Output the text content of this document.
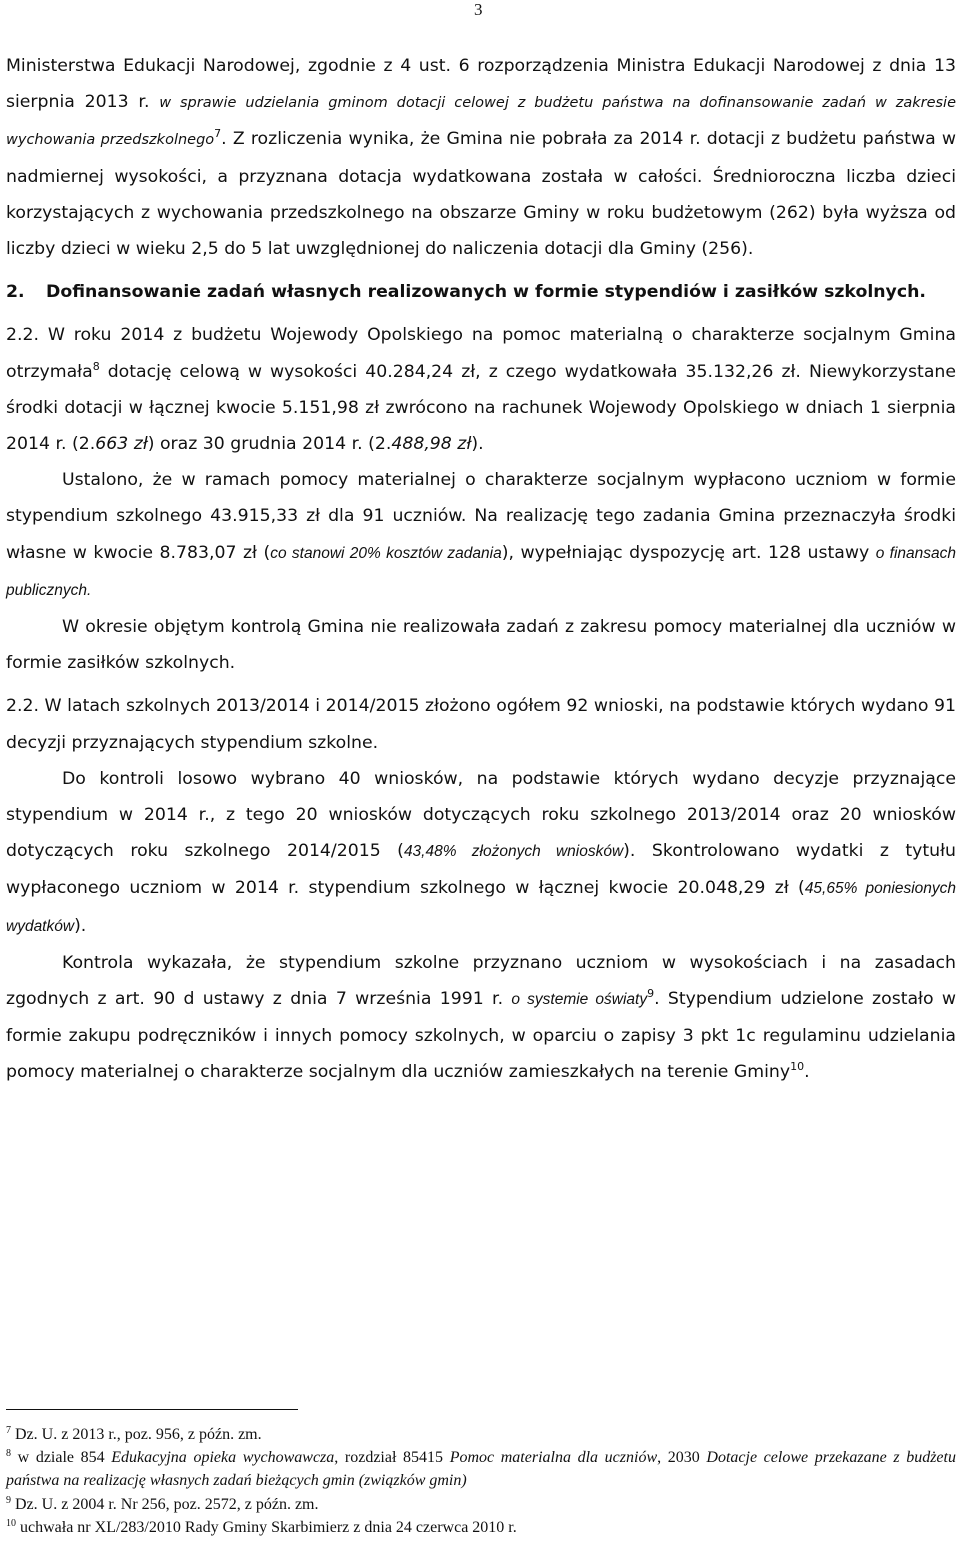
3

Ministerstwa Edukacji Narodowej, zgodnie z 4 ust. 6 rozporządzenia Ministra Edukacji Narodowej z dnia 13 sierpnia 2013 r. w sprawie udzielania gminom dotacji celowej z budżetu państwa na dofinansowanie zadań w zakresie wychowania przedszkolnego$^7$. Z rozliczenia wynika, że Gmina nie pobrała za 2014 r. dotacji z budżetu państwa w nadmiernej wysokości, a przyznana dotacja wydatkowana została w całości. Średnioroczna liczba dzieci korzystających z wychowania przedszkolnego na obszarze Gminy w roku budżetowym (262) była wyższa od liczby dzieci w wieku 2,5 do 5 lat uwzględnionej do naliczenia dotacji dla Gminy (256).

2. Dofinansowanie zadań własnych realizowanych w formie stypendiów i zasiłków szkolnych.

2.2. W roku 2014 z budżetu Wojewody Opolskiego na pomoc materialną o charakterze socjalnym Gmina otrzymała$^8$ dotację celową w wysokości 40.284,24 zł, z czego wydatkowała 35.132,26 zł. Niewykorzystane środki dotacji w łącznej kwocie 5.151,98 zł zwrócono na rachunek Wojewody Opolskiego w dniach 1 sierpnia 2014 r. (2.663 zł) oraz 30 grudnia 2014 r. (2.488,98 zł).

Ustalono, że w ramach pomocy materialnej o charakterze socjalnym wypłacono uczniom w formie stypendium szkolnego 43.915,33 zł dla 91 uczniów. Na realizację tego zadania Gmina przeznaczyła środki własne w kwocie 8.783,07 zł (co stanowi 20% kosztów zadania), wypełniając dyspozycję art. 128 ustawy o finansach publicznych.

W okresie objętym kontrolą Gmina nie realizowała zadań z zakresu pomocy materialnej dla uczniów w formie zasiłków szkolnych.

2.2. W latach szkolnych 2013/2014 i 2014/2015 złożono ogółem 92 wnioski, na podstawie których wydano 91 decyzji przyznających stypendium szkolne.

Do kontroli losowo wybrano 40 wniosków, na podstawie których wydano decyzje przyznające stypendium w 2014 r., z tego 20 wniosków dotyczących roku szkolnego 2013/2014 oraz 20 wniosków dotyczących roku szkolnego 2014/2015 (43,48% złożonych wniosków). Skontrolowano wydatki z tytułu wypłaconego uczniom w 2014 r. stypendium szkolnego w łącznej kwocie 20.048,29 zł (45,65% poniesionych wydatków).

Kontrola wykazała, że stypendium szkolne przyznano uczniom w wysokościach i na zasadach zgodnych z art. 90 d ustawy z dnia 7 września 1991 r. o systemie oświaty$^9$. Stypendium udzielone zostało w formie zakupu podręczników i innych pomocy szkolnych, w oparciu o zapisy 3 pkt 1c regulaminu udzielania pomocy materialnej o charakterze socjalnym dla uczniów zamieszkałych na terenie Gminy$^{10}$.

$^7$ Dz. U. z 2013 r., poz. 956, z późn. zm.

$^8$ w dziale 854 Edukacyjna opieka wychowawcza, rozdział 85415 Pomoc materialna dla uczniów, 2030 Dotacje celowe przekazane z budżetu państwa na realizację własnych zadań bieżących gmin (związków gmin)

$^9$ Dz. U. z 2004 r. Nr 256, poz. 2572, z późn. zm.

$^{10}$ uchwała nr XL/283/2010 Rady Gminy Skarbimierz z dnia 24 czerwca 2010 r.
